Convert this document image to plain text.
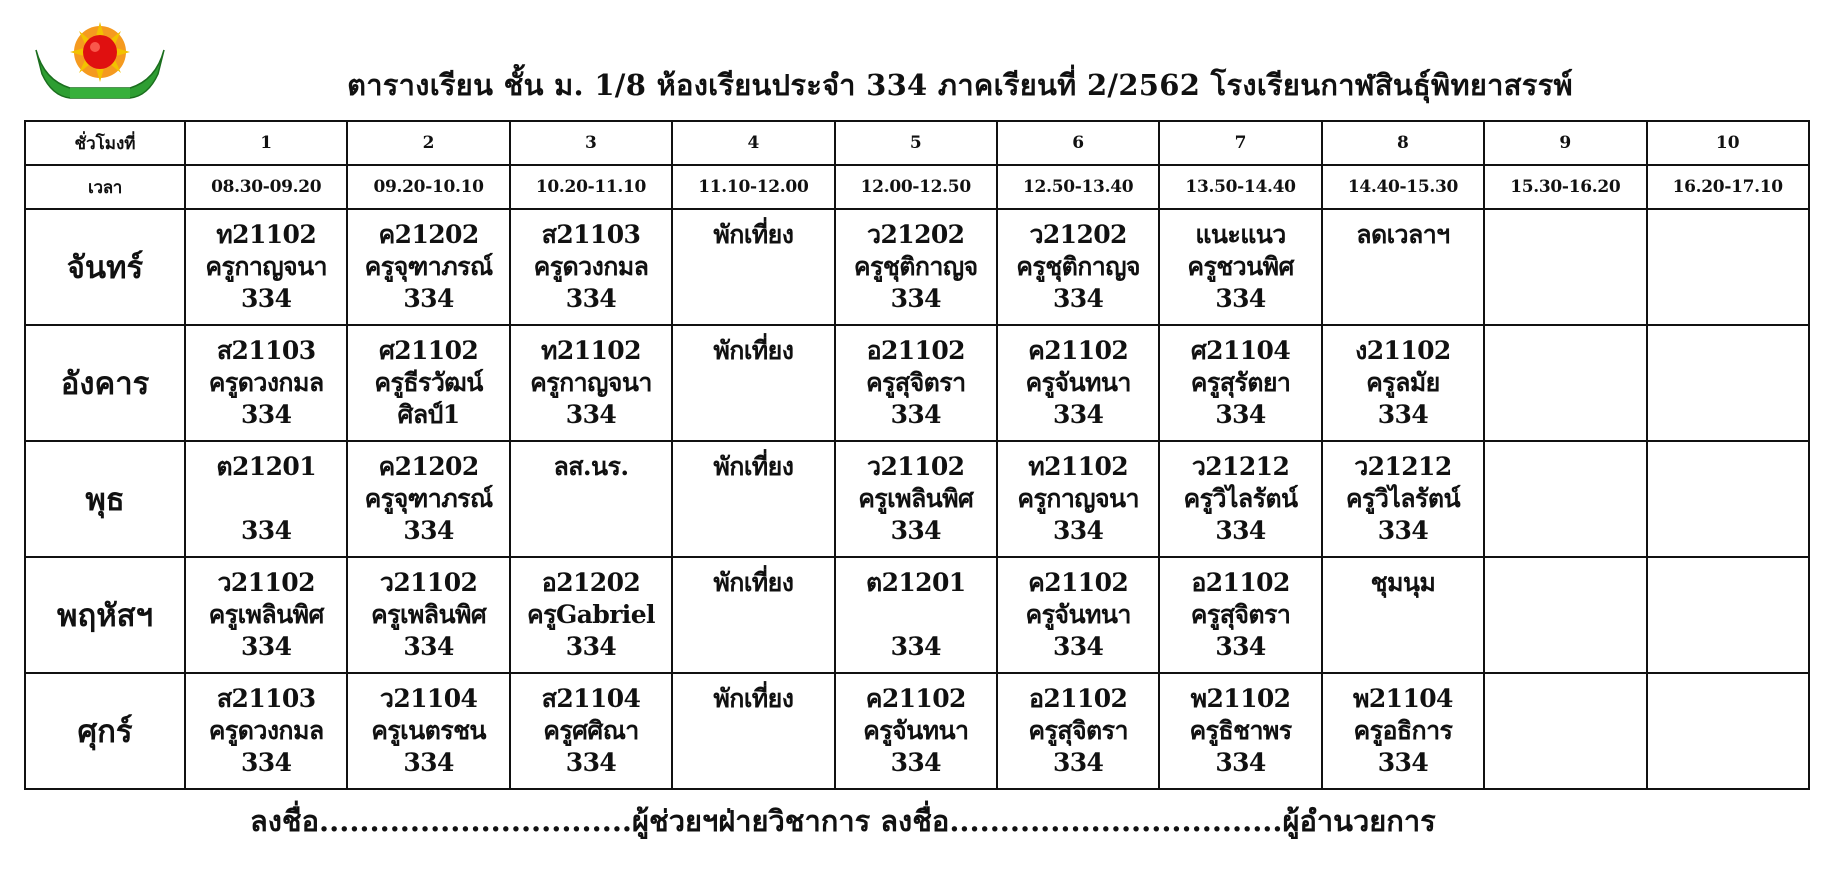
ตารางเรียน ชั้น ม. 1/8 ห้องเรียนประจำ 334 ภาคเรียนที่ 2/2562 โรงเรียนกาฬสินธุ์พิทยาสรรพ์
ชั่วโมงที่	1	2	3	4	5	6	7	8	9	10
เวลา	08.30-09.20	09.20-10.10	10.20-11.10	11.10-12.00	12.00-12.50	12.50-13.40	13.50-14.40	14.40-15.30	15.30-16.20	16.20-17.10
จันทร์	ท21102
ครูกาญจนา
334	ค21202
ครูจุฑาภรณ์
334	ส21103
ครูดวงกมล
334	พักเที่ยง	ว21202
ครูชุติกาญจ
334	ว21202
ครูชุติกาญจ
334	แนะแนว
ครูชวนพิศ
334	ลดเวลาฯ		

อังคาร	ส21103
ครูดวงกมล
334	ศ21102
ครูธีรวัฒน์
ศิลป์1	ท21102
ครูกาญจนา
334	พักเที่ยง	อ21102
ครูสุจิตรา
334	ค21102
ครูจันทนา
334	ศ21104
ครูสุรัตยา
334	ง21102
ครูลมัย
334		

พุธ	ต21201
334	ค21202
ครูจุฑาภรณ์
334	ลส.นร.	พักเที่ยง	ว21102
ครูเพลินพิศ
334	ท21102
ครูกาญจนา
334	ว21212
ครูวิไลรัตน์
334	ว21212
ครูวิไลรัตน์
334		

พฤหัสฯ	ว21102
ครูเพลินพิศ
334	ว21102
ครูเพลินพิศ
334	อ21202
ครูGabriel
334	พักเที่ยง	ต21201
334	ค21102
ครูจันทนา
334	อ21102
ครูสุจิตรา
334	ชุมนุม		

ศุกร์	ส21103
ครูดวงกมล
334	ว21104
ครูเนตรชน
334	ส21104
ครูศศิณา
334	พักเที่ยง	ค21102
ครูจันทนา
334	อ21102
ครูสุจิตรา
334	พ21102
ครูธิชาพร
334	พ21104
ครูอธิการ
334		

ลงชื่อ...............................ผู้ช่วยฯฝ่ายวิชาการ ลงชื่อ.................................ผู้อำนวยการ
